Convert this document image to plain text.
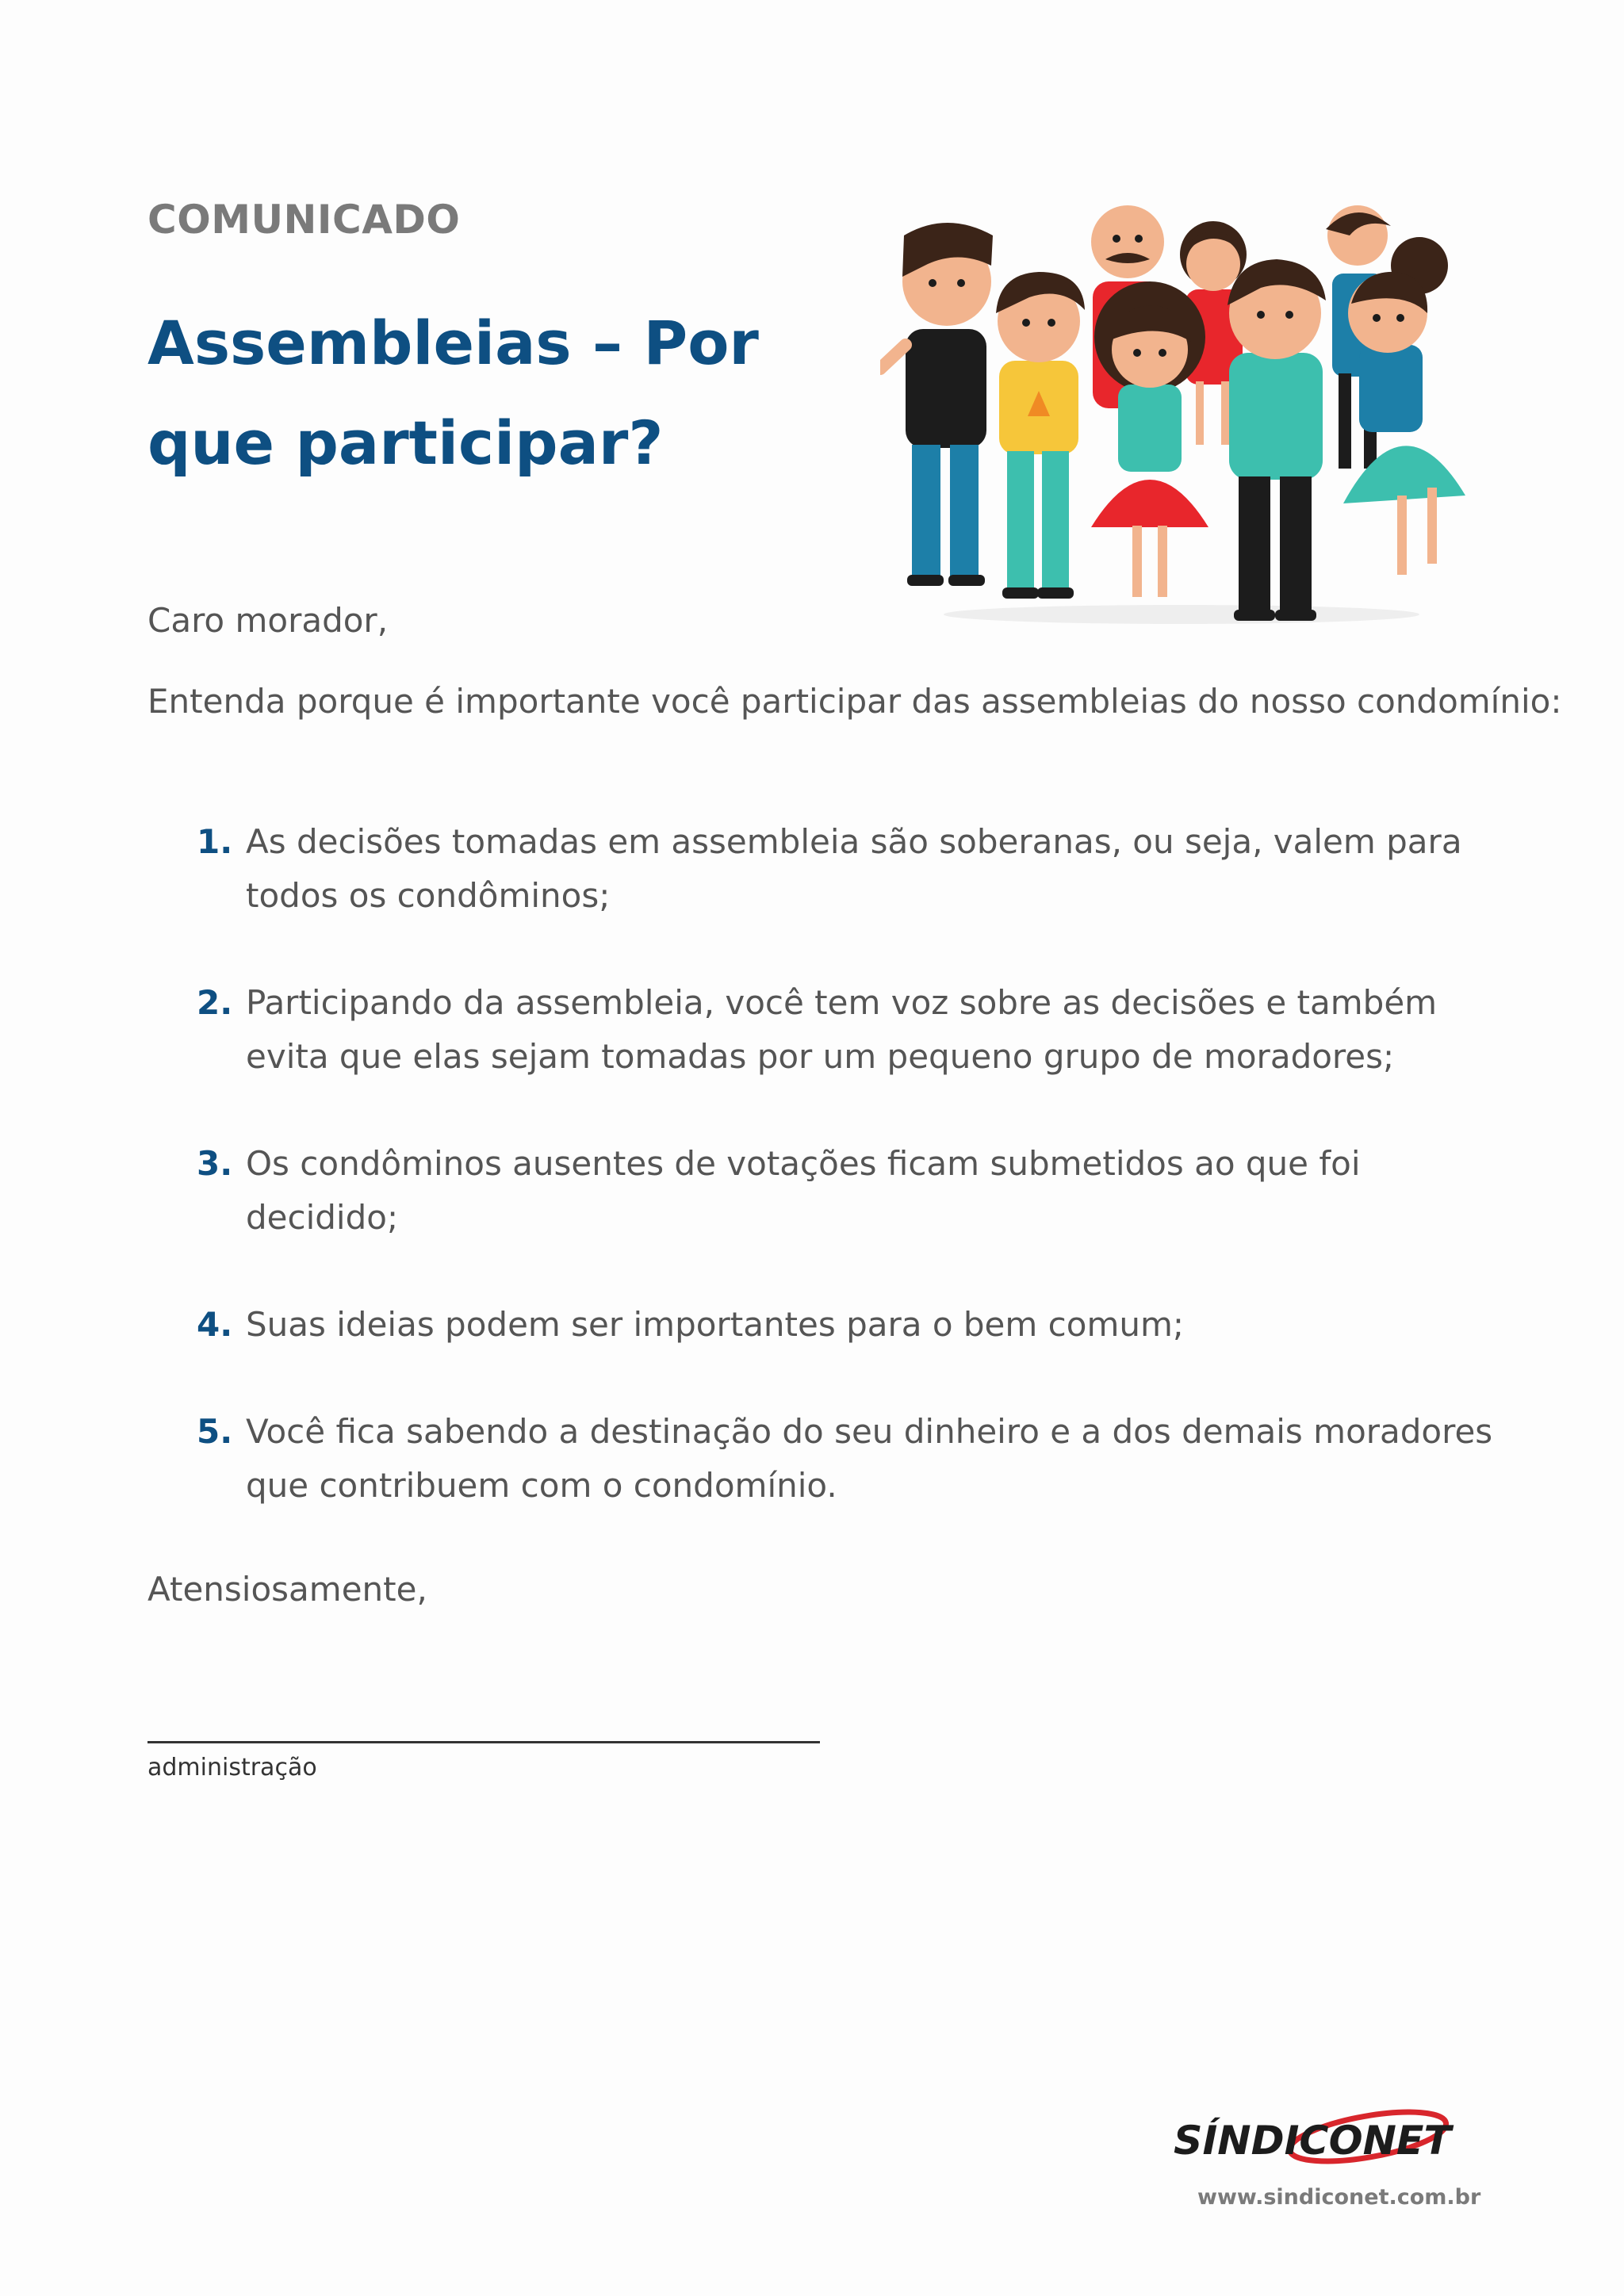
COMUNICADO
Assembleias – Por que participar?
Caro morador,
Entenda porque é importante você participar das assembleias do nosso condomínio:
1. As decisões tomadas em assembleia são soberanas, ou seja, valem para todos os condôminos;
2. Participando da assembleia, você tem voz sobre as decisões e também evita que elas sejam tomadas por um pequeno grupo de moradores;
3. Os condôminos ausentes de votações ficam submetidos ao que foi decidido;
4. Suas ideias podem ser importantes para o bem comum;
5. Você fica sabendo a destinação do seu dinheiro e a dos demais moradores que contribuem com o condomínio.
Atensiosamente,
administração
SÍNDICONET
www.sindiconet.com.br
